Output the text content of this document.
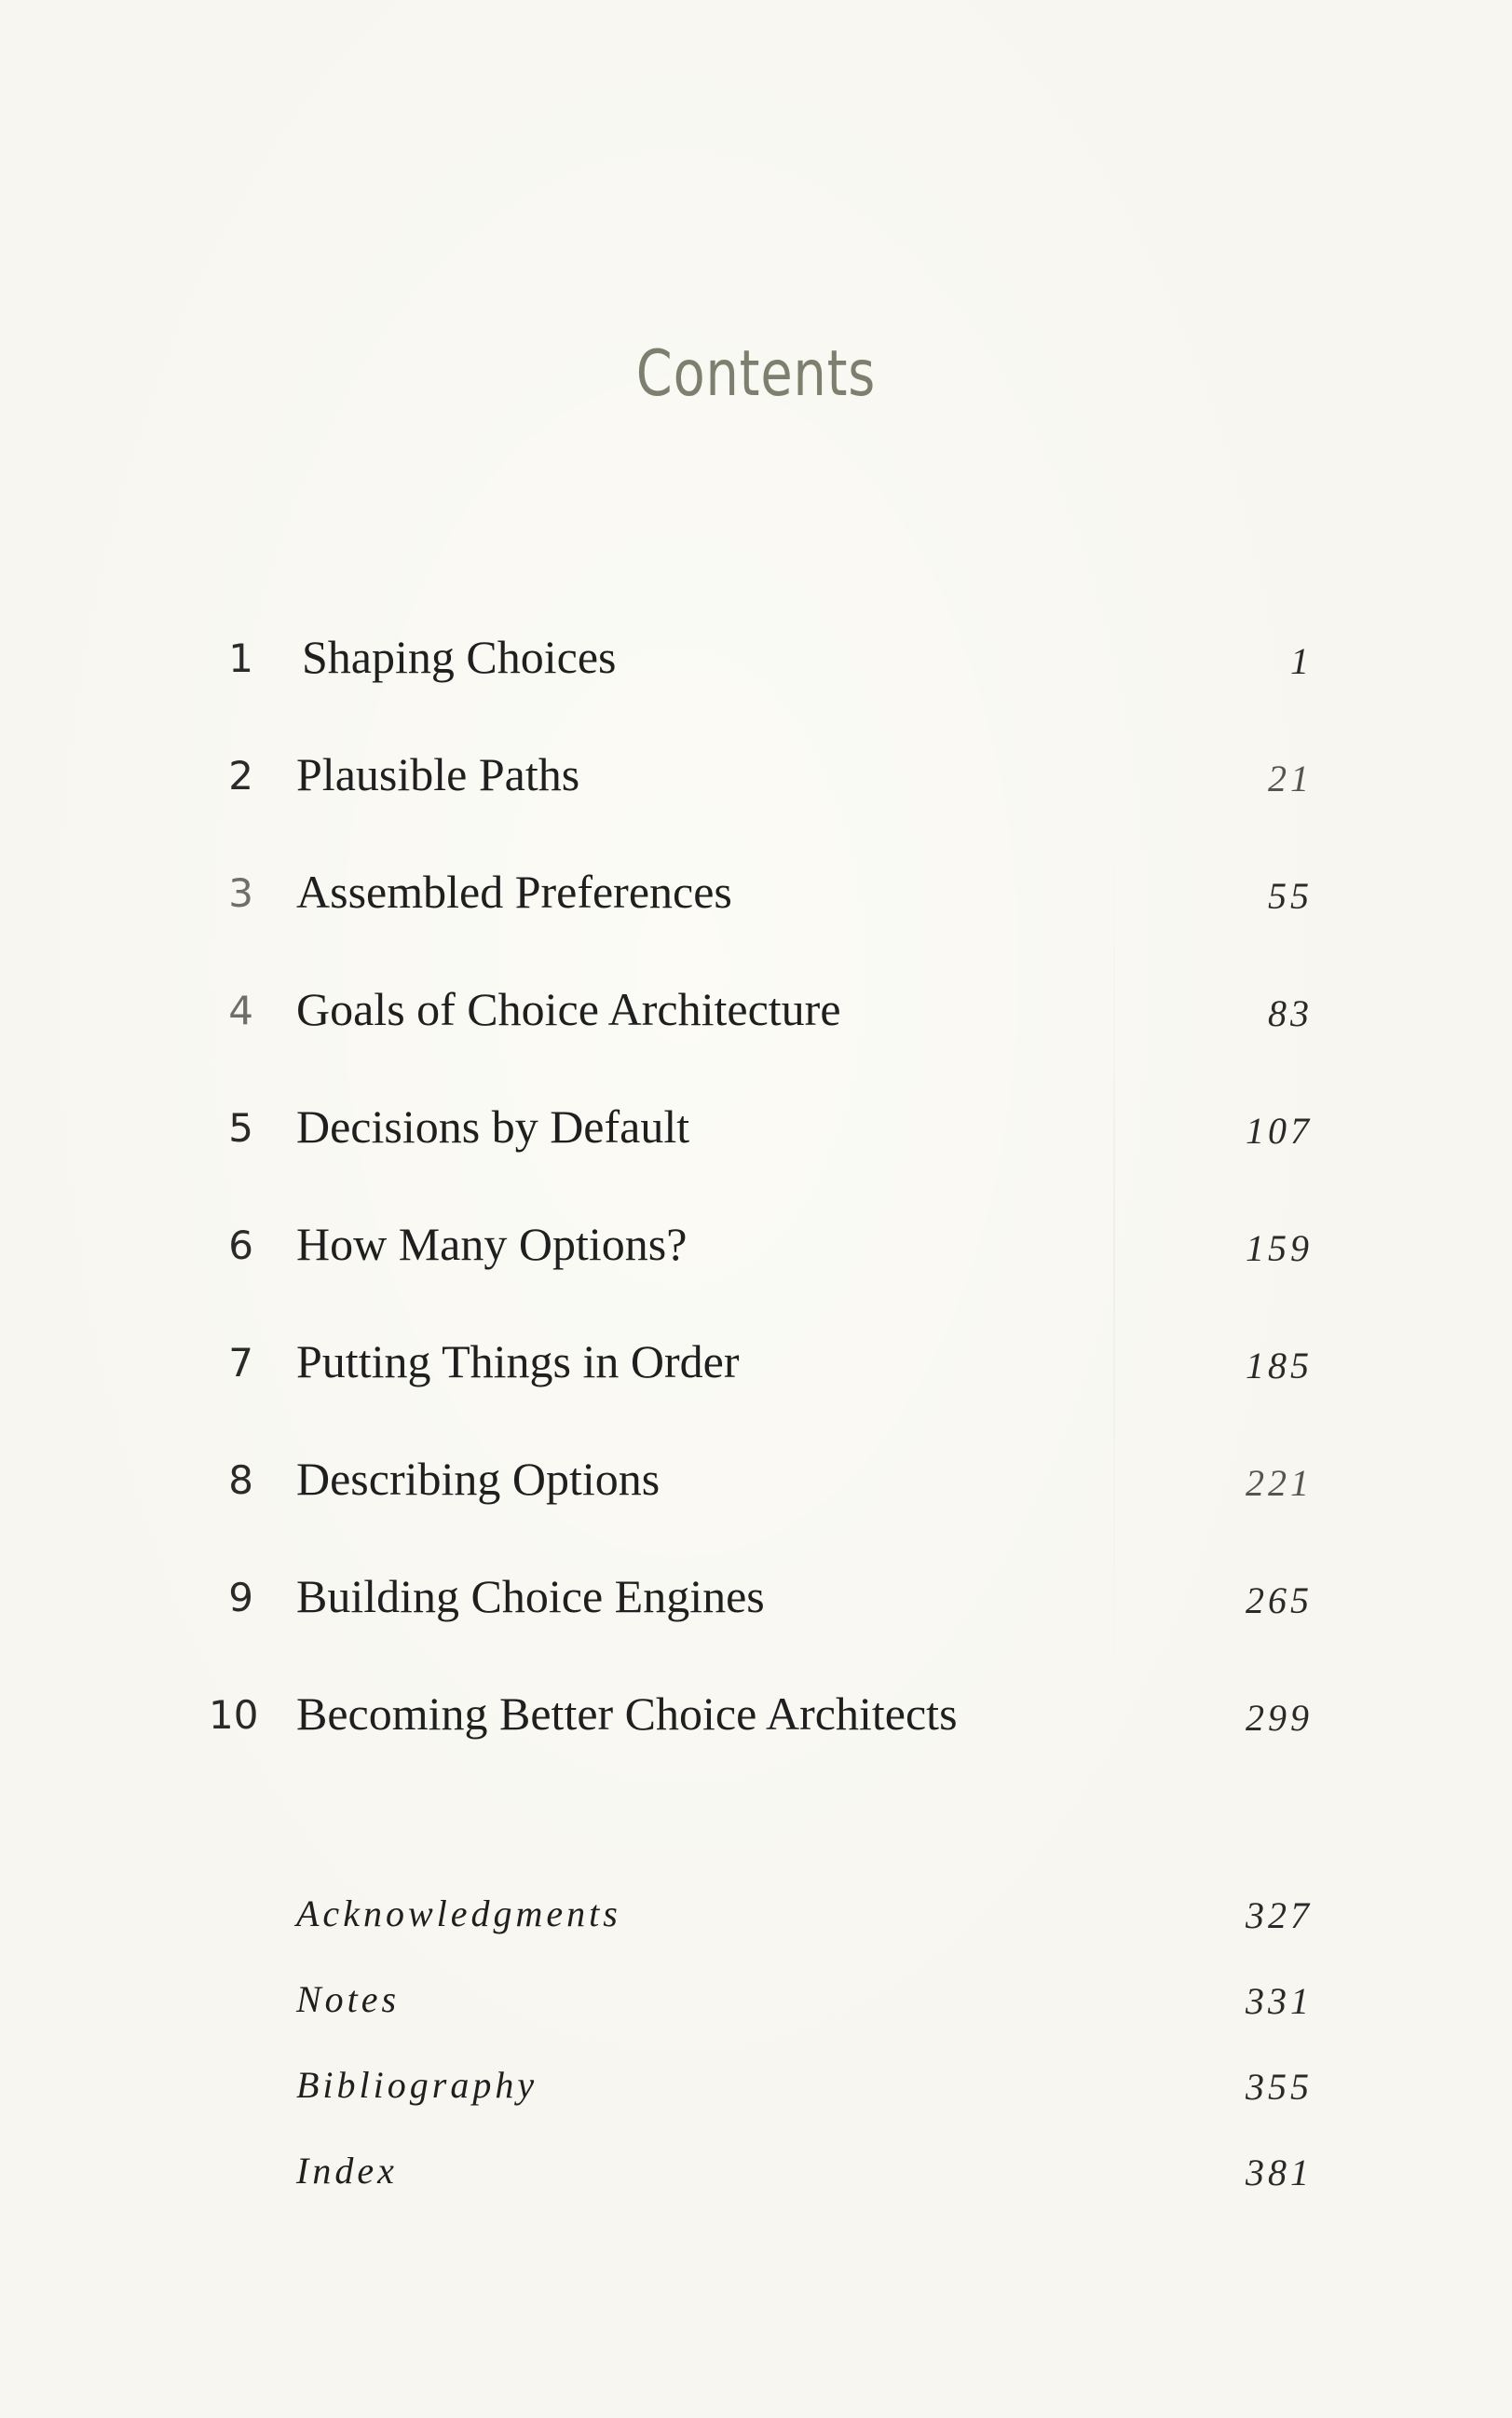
Contents
1 Shaping Choices	1
2 Plausible Paths	21
3 Assembled Preferences	55
4 Goals of Choice Architecture	83
5 Decisions by Default	107
6 How Many Options?	159
7 Putting Things in Order	185
8 Describing Options	221
9 Building Choice Engines	265
10 Becoming Better Choice Architects	299
Acknowledgments	327
Notes	331
Bibliography	355
Index	381
